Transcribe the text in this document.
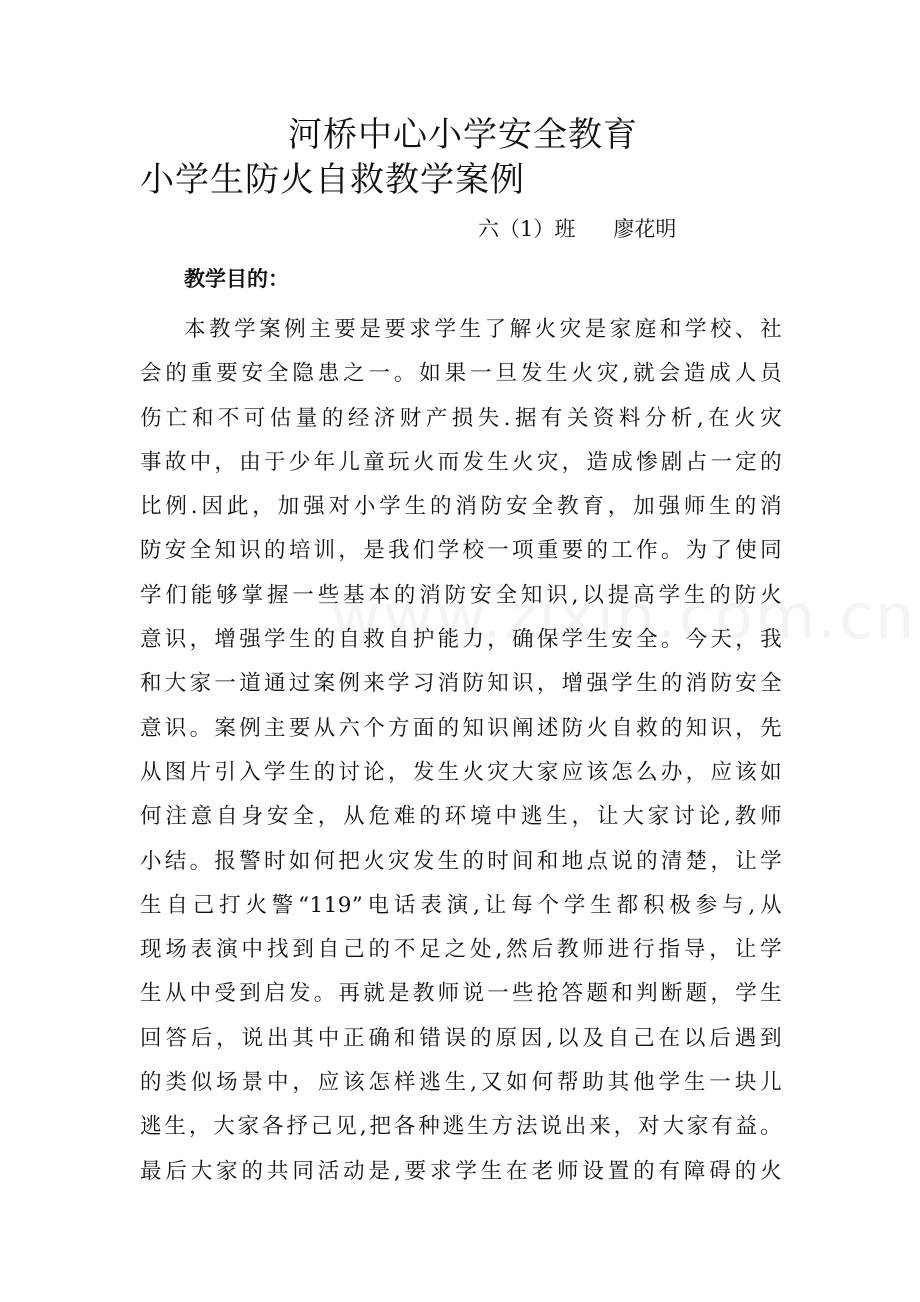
河桥中心小学安全教育
小学生防火自救教学案例
六（1）班 廖花明
教学目的：
本教学案例主要是要求学生了解火灾是家庭和学校、社
会的重要安全隐患之一。如果一旦发生火灾,就会造成人员
伤亡和不可估量的经济财产损失.据有关资料分析,在火灾
事故中，由于少年儿童玩火而发生火灾，造成惨剧占一定的
比例.因此，加强对小学生的消防安全教育，加强师生的消
防安全知识的培训，是我们学校一项重要的工作。为了使同
学们能够掌握一些基本的消防安全知识,以提高学生的防火
意识，增强学生的自救自护能力，确保学生安全。今天，我
和大家一道通过案例来学习消防知识，增强学生的消防安全
意识。案例主要从六个方面的知识阐述防火自救的知识，先
从图片引入学生的讨论，发生火灾大家应该怎么办，应该如
何注意自身安全，从危难的环境中逃生，让大家讨论,教师
小结。报警时如何把火灾发生的时间和地点说的清楚，让学
生自己打火警“119”电话表演,让每个学生都积极参与,从
现场表演中找到自己的不足之处,然后教师进行指导，让学
生从中受到启发。再就是教师说一些抢答题和判断题，学生
回答后，说出其中正确和错误的原因,以及自己在以后遇到
的类似场景中，应该怎样逃生,又如何帮助其他学生一块儿
逃生，大家各抒己见,把各种逃生方法说出来，对大家有益。
最后大家的共同活动是,要求学生在老师设置的有障碍的火
